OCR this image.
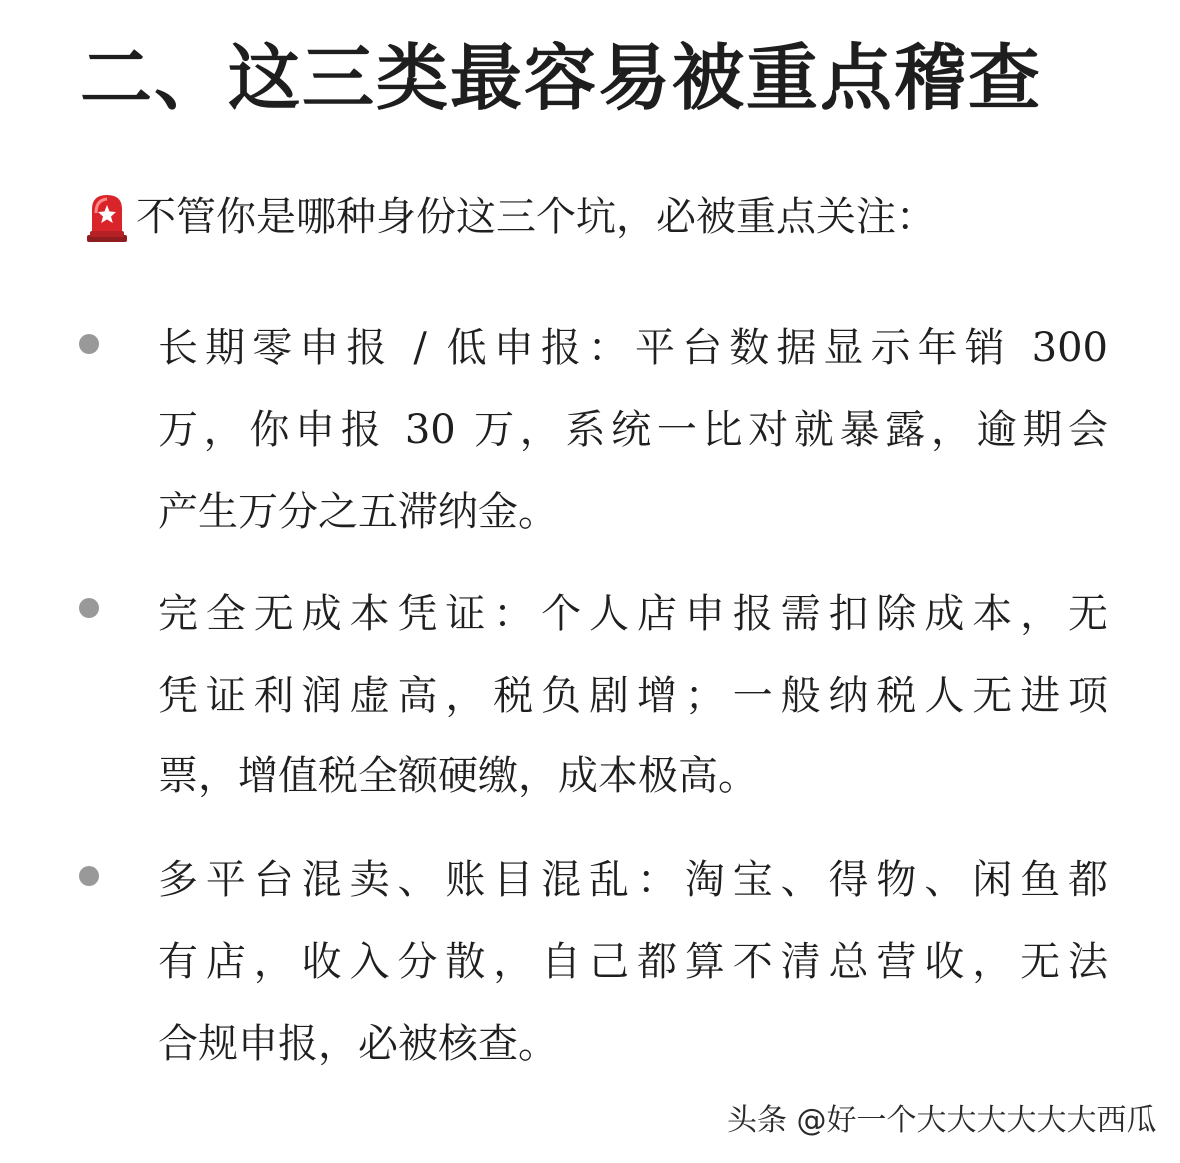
二、这三类最容易被重点稽查
不管你是哪种身份这三个坑，必被重点关注：
长期零申报 / 低申报：平台数据显示年销 300
万，你申报 30 万，系统一比对就暴露，逾期会
产生万分之五滞纳金。
完全无成本凭证：个人店申报需扣除成本，无
凭证利润虚高，税负剧增；一般纳税人无进项
票，增值税全额硬缴，成本极高。
多平台混卖、账目混乱：淘宝、得物、闲鱼都
有店，收入分散，自己都算不清总营收，无法
合规申报，必被核查。
头条 @好一个大大大大大大西瓜
